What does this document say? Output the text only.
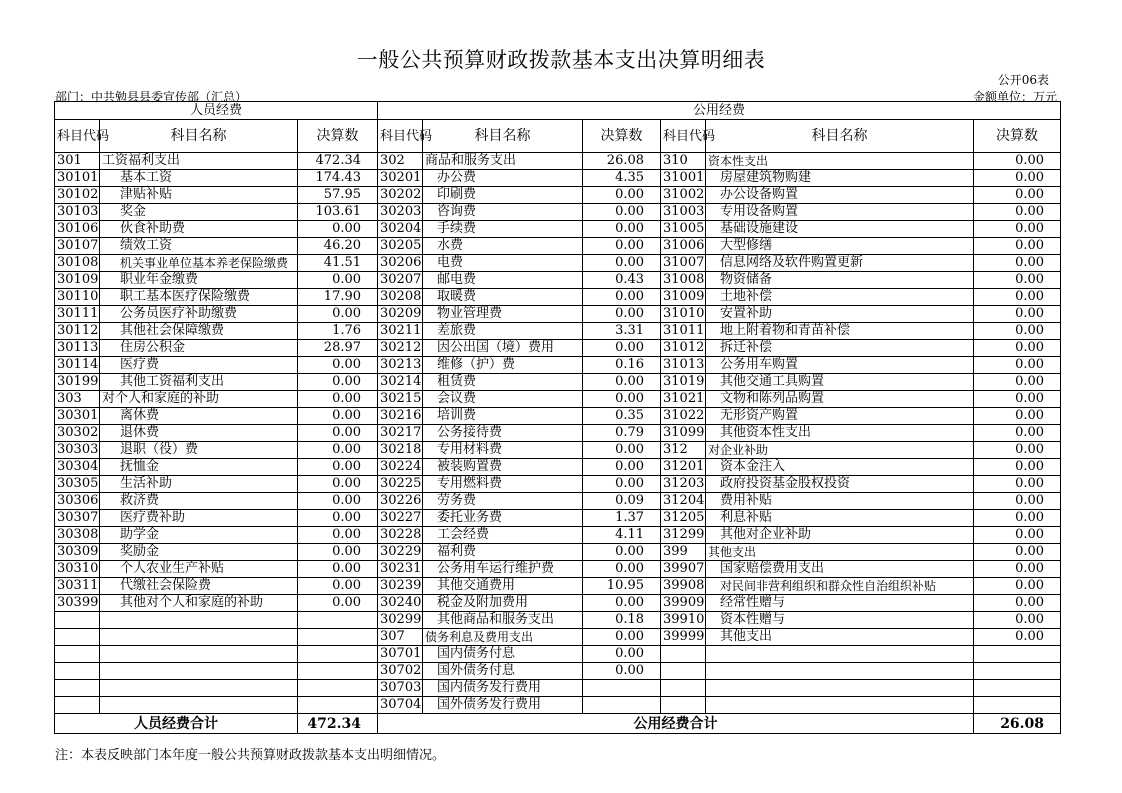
一般公共预算财政拨款基本支出决算明细表
公开06表
部门：中共勉县县委宣传部（汇总）	金额单位：万元
人员经费			公用经费					
科目代码	科目名称	决算数	科目代码	科目名称	决算数	科目代码	科目名称	决算数
301	工资福利支出	472.34	302	商品和服务支出	26.08	310	资本性支出	0.00
30101	基本工资	174.43	30201	办公费	4.35	31001	房屋建筑物购建	0.00
30102	津贴补贴	57.95	30202	印刷费	0.00	31002	办公设备购置	0.00
30103	奖金	103.61	30203	咨询费	0.00	31003	专用设备购置	0.00
30106	伙食补助费	0.00	30204	手续费	0.00	31005	基础设施建设	0.00
30107	绩效工资	46.20	30205	水费	0.00	31006	大型修缮	0.00
30108	机关事业单位基本养老保险缴费	41.51	30206	电费	0.00	31007	信息网络及软件购置更新	0.00
30109	职业年金缴费	0.00	30207	邮电费	0.43	31008	物资储备	0.00
30110	职工基本医疗保险缴费	17.90	30208	取暖费	0.00	31009	土地补偿	0.00
30111	公务员医疗补助缴费	0.00	30209	物业管理费	0.00	31010	安置补助	0.00
30112	其他社会保障缴费	1.76	30211	差旅费	3.31	31011	地上附着物和青苗补偿	0.00
30113	住房公积金	28.97	30212	因公出国（境）费用	0.00	31012	拆迁补偿	0.00
30114	医疗费	0.00	30213	维修（护）费	0.16	31013	公务用车购置	0.00
30199	其他工资福利支出	0.00	30214	租赁费	0.00	31019	其他交通工具购置	0.00
303	对个人和家庭的补助	0.00	30215	会议费	0.00	31021	文物和陈列品购置	0.00
30301	离休费	0.00	30216	培训费	0.35	31022	无形资产购置	0.00
30302	退休费	0.00	30217	公务接待费	0.79	31099	其他资本性支出	0.00
30303	退职（役）费	0.00	30218	专用材料费	0.00	312	对企业补助	0.00
30304	抚恤金	0.00	30224	被装购置费	0.00	31201	资本金注入	0.00
30305	生活补助	0.00	30225	专用燃料费	0.00	31203	政府投资基金股权投资	0.00
30306	救济费	0.00	30226	劳务费	0.09	31204	费用补贴	0.00
30307	医疗费补助	0.00	30227	委托业务费	1.37	31205	利息补贴	0.00
30308	助学金	0.00	30228	工会经费	4.11	31299	其他对企业补助	0.00
30309	奖励金	0.00	30229	福利费	0.00	399	其他支出	0.00
30310	个人农业生产补贴	0.00	30231	公务用车运行维护费	0.00	39907	国家赔偿费用支出	0.00
30311	代缴社会保险费	0.00	30239	其他交通费用	10.95	39908	对民间非营利组织和群众性自治组织补贴	0.00
30399	其他对个人和家庭的补助	0.00	30240	税金及附加费用	0.00	39909	经常性赠与	0.00
			30299	其他商品和服务支出	0.18	39910	资本性赠与	0.00
			307	债务利息及费用支出	0.00	39999	其他支出	0.00
			30701	国内债务付息	0.00			
			30702	国外债务付息	0.00			
			30703	国内债务发行费用				
			30704	国外债务发行费用				
人员经费合计		472.34	公用经费合计					26.08
注：本表反映部门本年度一般公共预算财政拨款基本支出明细情况。
